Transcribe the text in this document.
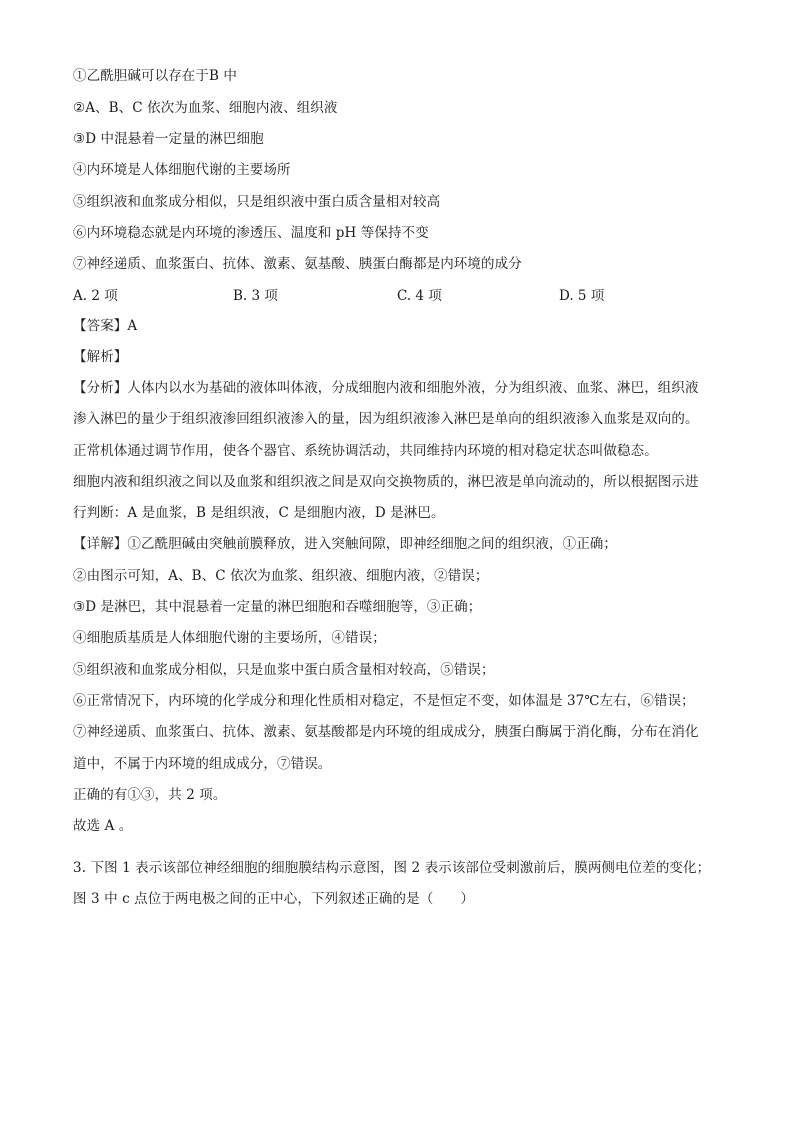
①乙酰胆碱可以存在于B 中
②A、B、C 依次为血浆、细胞内液、组织液
③D 中混悬着一定量的淋巴细胞
④内环境是人体细胞代谢的主要场所
⑤组织液和血浆成分相似，只是组织液中蛋白质含量相对较高
⑥内环境稳态就是内环境的渗透压、温度和 pH 等保持不变
⑦神经递质、血浆蛋白、抗体、激素、氨基酸、胰蛋白酶都是内环境的成分
A. 2 项	B. 3 项	C. 4 项	D. 5 项
【答案】A
【解析】
【分析】人体内以水为基础的液体叫体液，分成细胞内液和细胞外液，分为组织液、血浆、淋巴，组织液
渗入淋巴的量少于组织液渗回组织液渗入的量，因为组织液渗入淋巴是单向的组织液渗入血浆是双向的。
正常机体通过调节作用，使各个器官、系统协调活动，共同维持内环境的相对稳定状态叫做稳态。
细胞内液和组织液之间以及血浆和组织液之间是双向交换物质的，淋巴液是单向流动的，所以根据图示进
行判断：A 是血浆，B 是组织液，C 是细胞内液，D 是淋巴。
【详解】①乙酰胆碱由突触前膜释放，进入突触间隙，即神经细胞之间的组织液，①正确；
②由图示可知，A、B、C 依次为血浆、组织液、细胞内液，②错误；
③D 是淋巴，其中混悬着一定量的淋巴细胞和吞噬细胞等，③正确；
④细胞质基质是人体细胞代谢的主要场所，④错误；
⑤组织液和血浆成分相似，只是血浆中蛋白质含量相对较高，⑤错误；
⑥正常情况下，内环境的化学成分和理化性质相对稳定，不是恒定不变，如体温是 37℃左右，⑥错误；
⑦神经递质、血浆蛋白、抗体、激素、氨基酸都是内环境的组成成分，胰蛋白酶属于消化酶，分布在消化
道中，不属于内环境的组成成分，⑦错误。
正确的有①③，共 2 项。
故选 A 。
3. 下图 1 表示该部位神经细胞的细胞膜结构示意图，图 2 表示该部位受刺激前后，膜两侧电位差的变化；
图 3 中 c 点位于两电极之间的正中心，下列叙述正确的是（　　）
